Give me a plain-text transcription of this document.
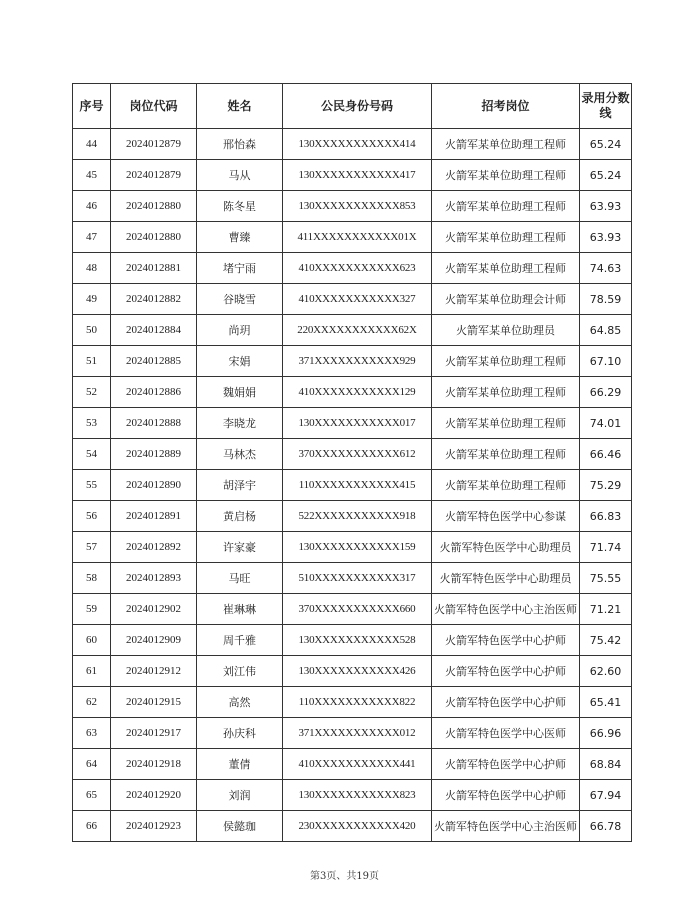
序号	岗位代码	姓名	公民身份号码	招考岗位	录用分数线
44	2024012879	邢怡森	130XXXXXXXXXXX414	火箭军某单位助理工程师	65.24
45	2024012879	马从	130XXXXXXXXXXX417	火箭军某单位助理工程师	65.24
46	2024012880	陈冬星	130XXXXXXXXXXX853	火箭军某单位助理工程师	63.93
47	2024012880	曹臻	411XXXXXXXXXXX01X	火箭军某单位助理工程师	63.93
48	2024012881	堵宁雨	410XXXXXXXXXXX623	火箭军某单位助理工程师	74.63
49	2024012882	谷晓雪	410XXXXXXXXXXX327	火箭军某单位助理会计师	78.59
50	2024012884	尚玥	220XXXXXXXXXXX62X	火箭军某单位助理员	64.85
51	2024012885	宋娟	371XXXXXXXXXXX929	火箭军某单位助理工程师	67.10
52	2024012886	魏娟娟	410XXXXXXXXXXX129	火箭军某单位助理工程师	66.29
53	2024012888	李晓龙	130XXXXXXXXXXX017	火箭军某单位助理工程师	74.01
54	2024012889	马林杰	370XXXXXXXXXXX612	火箭军某单位助理工程师	66.46
55	2024012890	胡泽宇	110XXXXXXXXXXX415	火箭军某单位助理工程师	75.29
56	2024012891	黄启杨	522XXXXXXXXXXX918	火箭军特色医学中心参谋	66.83
57	2024012892	许家豪	130XXXXXXXXXXX159	火箭军特色医学中心助理员	71.74
58	2024012893	马旺	510XXXXXXXXXXX317	火箭军特色医学中心助理员	75.55
59	2024012902	崔琳琳	370XXXXXXXXXXX660	火箭军特色医学中心主治医师	71.21
60	2024012909	周千雅	130XXXXXXXXXXX528	火箭军特色医学中心护师	75.42
61	2024012912	刘江伟	130XXXXXXXXXXX426	火箭军特色医学中心护师	62.60
62	2024012915	高然	110XXXXXXXXXXX822	火箭军特色医学中心护师	65.41
63	2024012917	孙庆科	371XXXXXXXXXXX012	火箭军特色医学中心医师	66.96
64	2024012918	董倩	410XXXXXXXXXXX441	火箭军特色医学中心护师	68.84
65	2024012920	刘润	130XXXXXXXXXXX823	火箭军特色医学中心护师	67.94
66	2024012923	侯懿珈	230XXXXXXXXXXX420	火箭军特色医学中心主治医师	66.78
第3页、共19页
